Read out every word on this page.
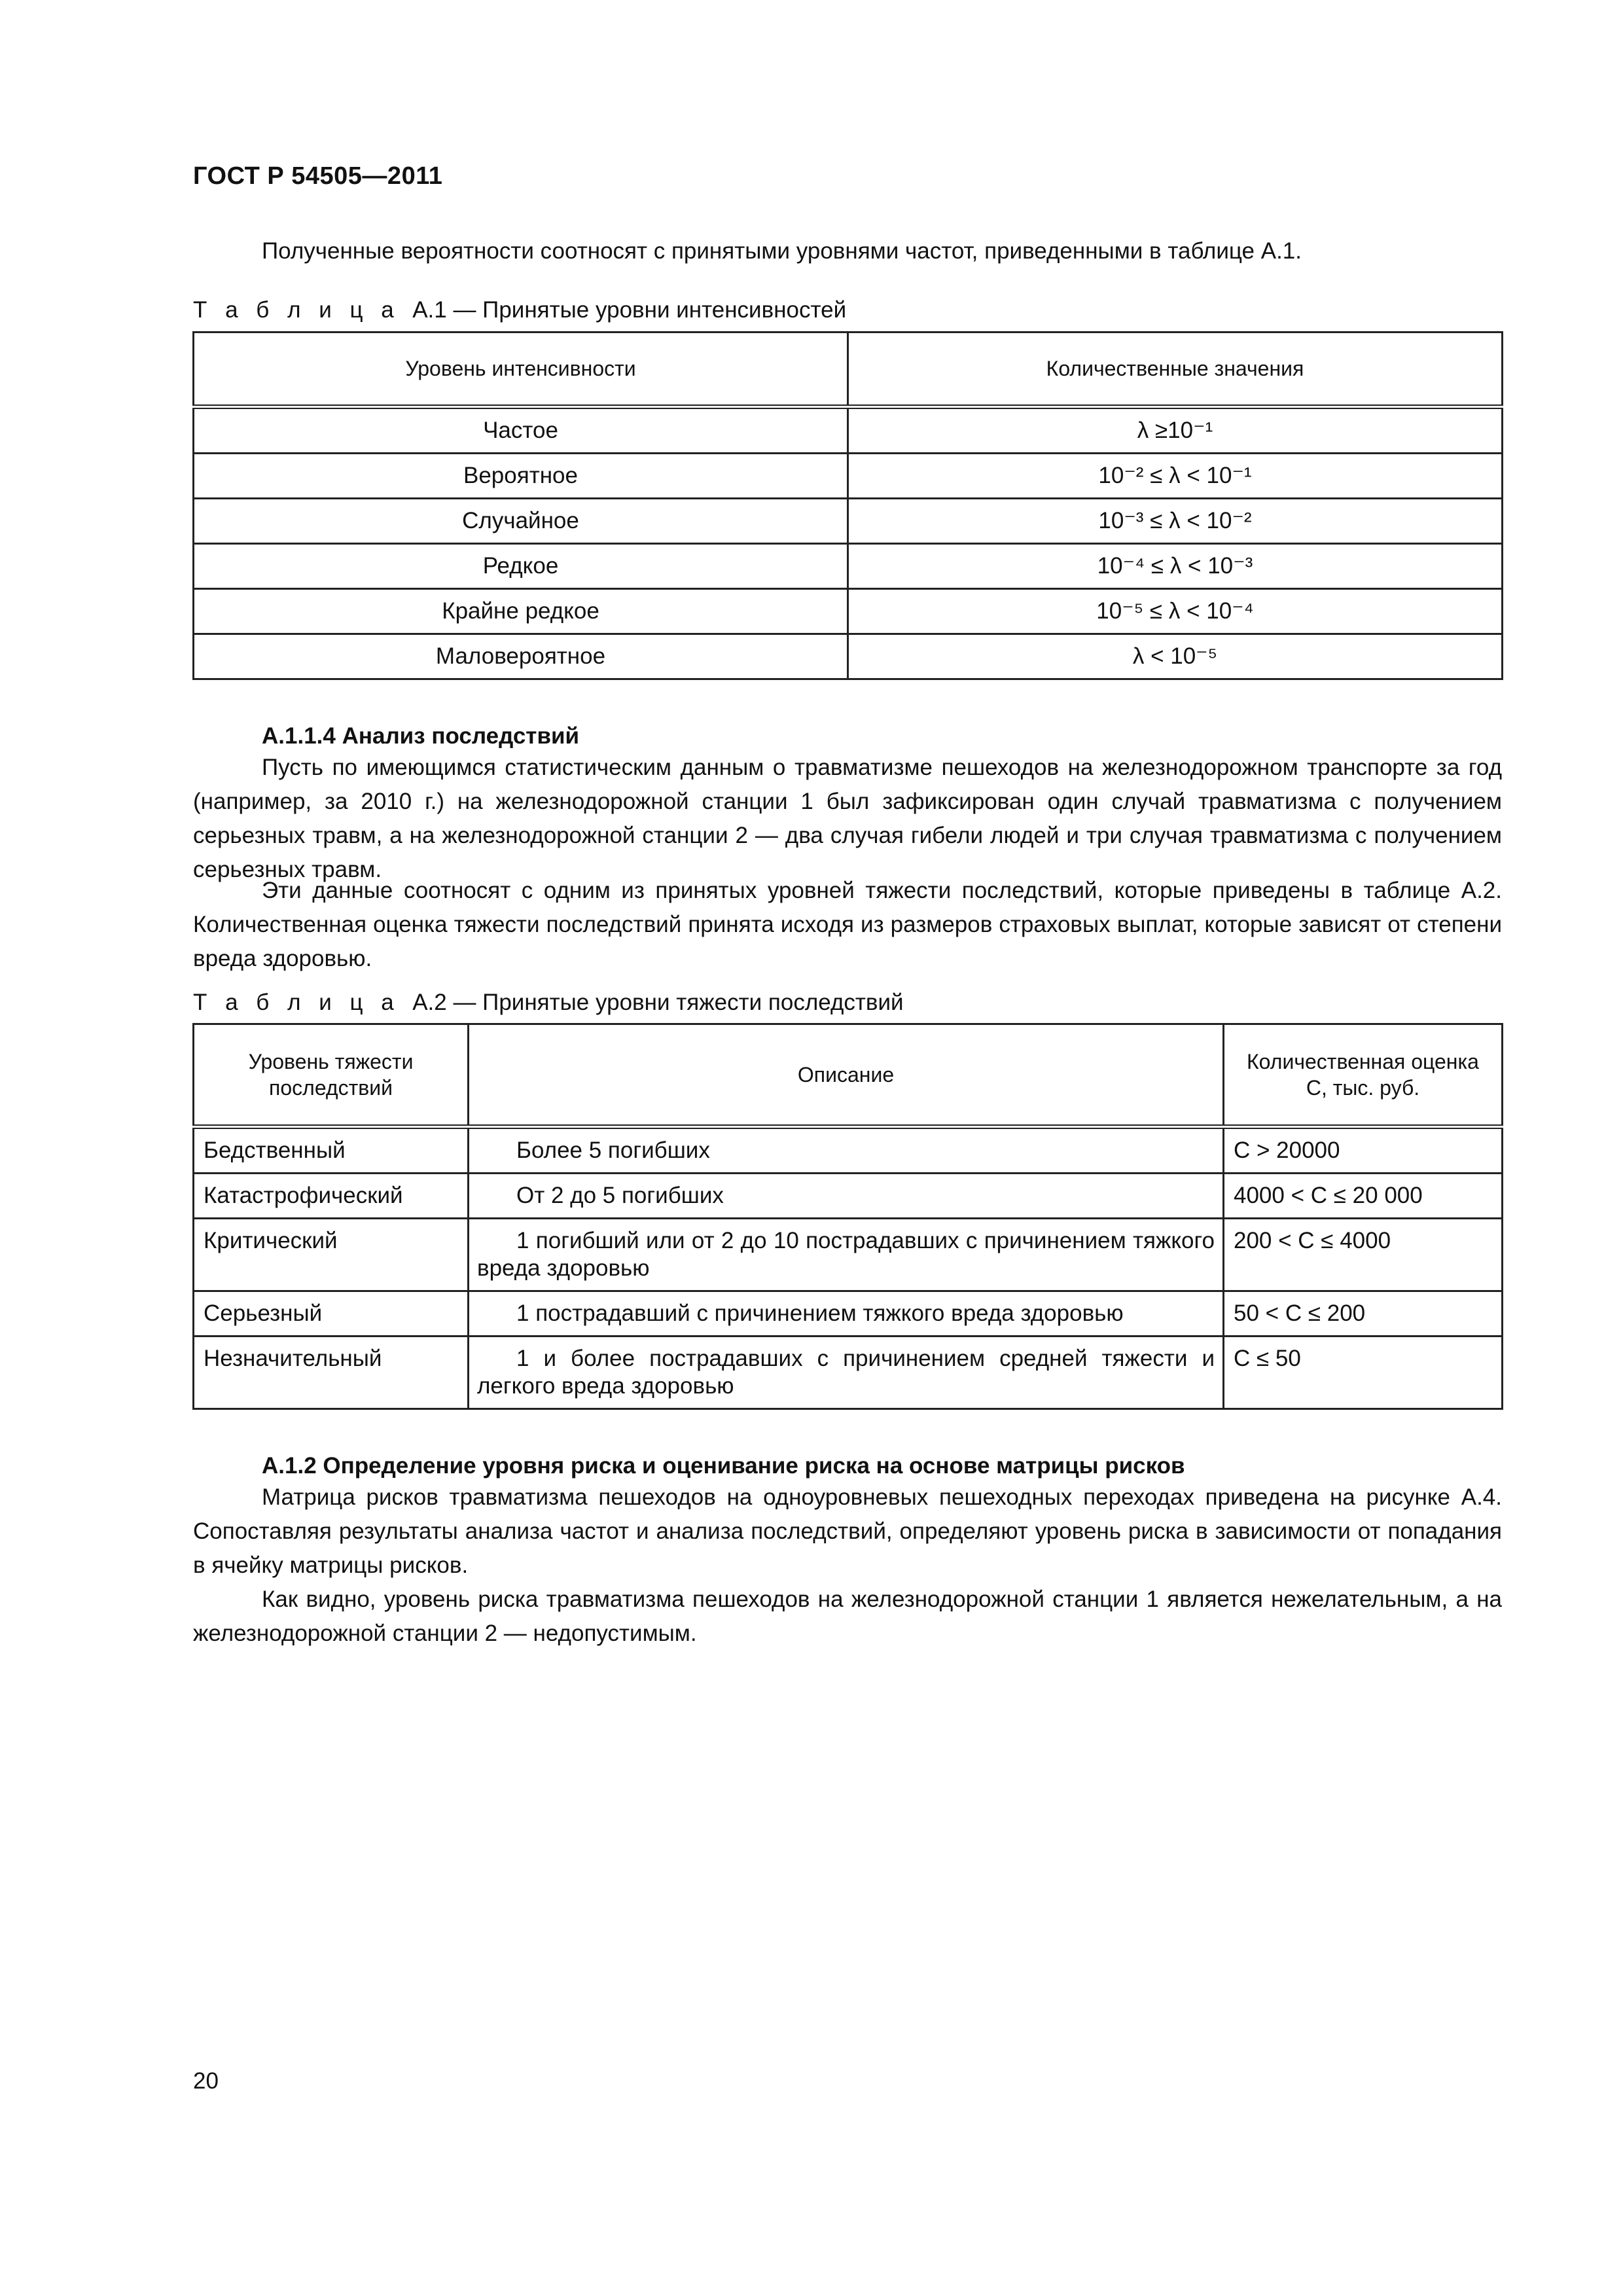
ГОСТ Р 54505—2011

Полученные вероятности соотносят с принятыми уровнями частот, приведенными в таблице А.1.

Т а б л и ц а А.1 — Принятые уровни интенсивностей
Уровень интенсивности	Количественные значения
Частое	λ ≥10⁻¹
Вероятное	10⁻² ≤ λ < 10⁻¹
Случайное	10⁻³ ≤ λ < 10⁻²
Редкое	10⁻⁴ ≤ λ < 10⁻³
Крайне редкое	10⁻⁵ ≤ λ < 10⁻⁴
Маловероятное	λ < 10⁻⁵
А.1.1.4 Анализ последствий

Пусть по имеющимся статистическим данным о травматизме пешеходов на железнодорожном транспорте за год (например, за 2010 г.) на железнодорожной станции 1 был зафиксирован один случай травматизма с получением серьезных травм, а на железнодорожной станции 2 — два случая гибели людей и три случая травматизма с получением серьезных травм.

Эти данные соотносят с одним из принятых уровней тяжести последствий, которые приведены в таблице А.2. Количественная оценка тяжести последствий принята исходя из размеров страховых выплат, которые зависят от степени вреда здоровью.

Т а б л и ц а А.2 — Принятые уровни тяжести последствий
Уровень тяжести последствий	Описание	Количественная оценка
С, тыс. руб.

Бедственный	Более 5 погибших	С > 20000
Катастрофический	От 2 до 5 погибших	4000 < С ≤ 20 000
Критический	1 погибший или от 2 до 10 пострадавших с причинением тяжкого вреда здоровью	200 < С ≤ 4000
Серьезный	1 пострадавший с причинением тяжкого вреда здоровью	50 < С ≤ 200
Незначительный	1 и более пострадавших с причинением средней тяжести и легкого вреда здоровью	С ≤ 50
А.1.2 Определение уровня риска и оценивание риска на основе матрицы рисков

Матрица рисков травматизма пешеходов на одноуровневых пешеходных переходах приведена на рисунке А.4. Сопоставляя результаты анализа частот и анализа последствий, определяют уровень риска в зависимости от попадания в ячейку матрицы рисков.

Как видно, уровень риска травматизма пешеходов на железнодорожной станции 1 является нежелательным, а на железнодорожной станции 2 — недопустимым.

20
